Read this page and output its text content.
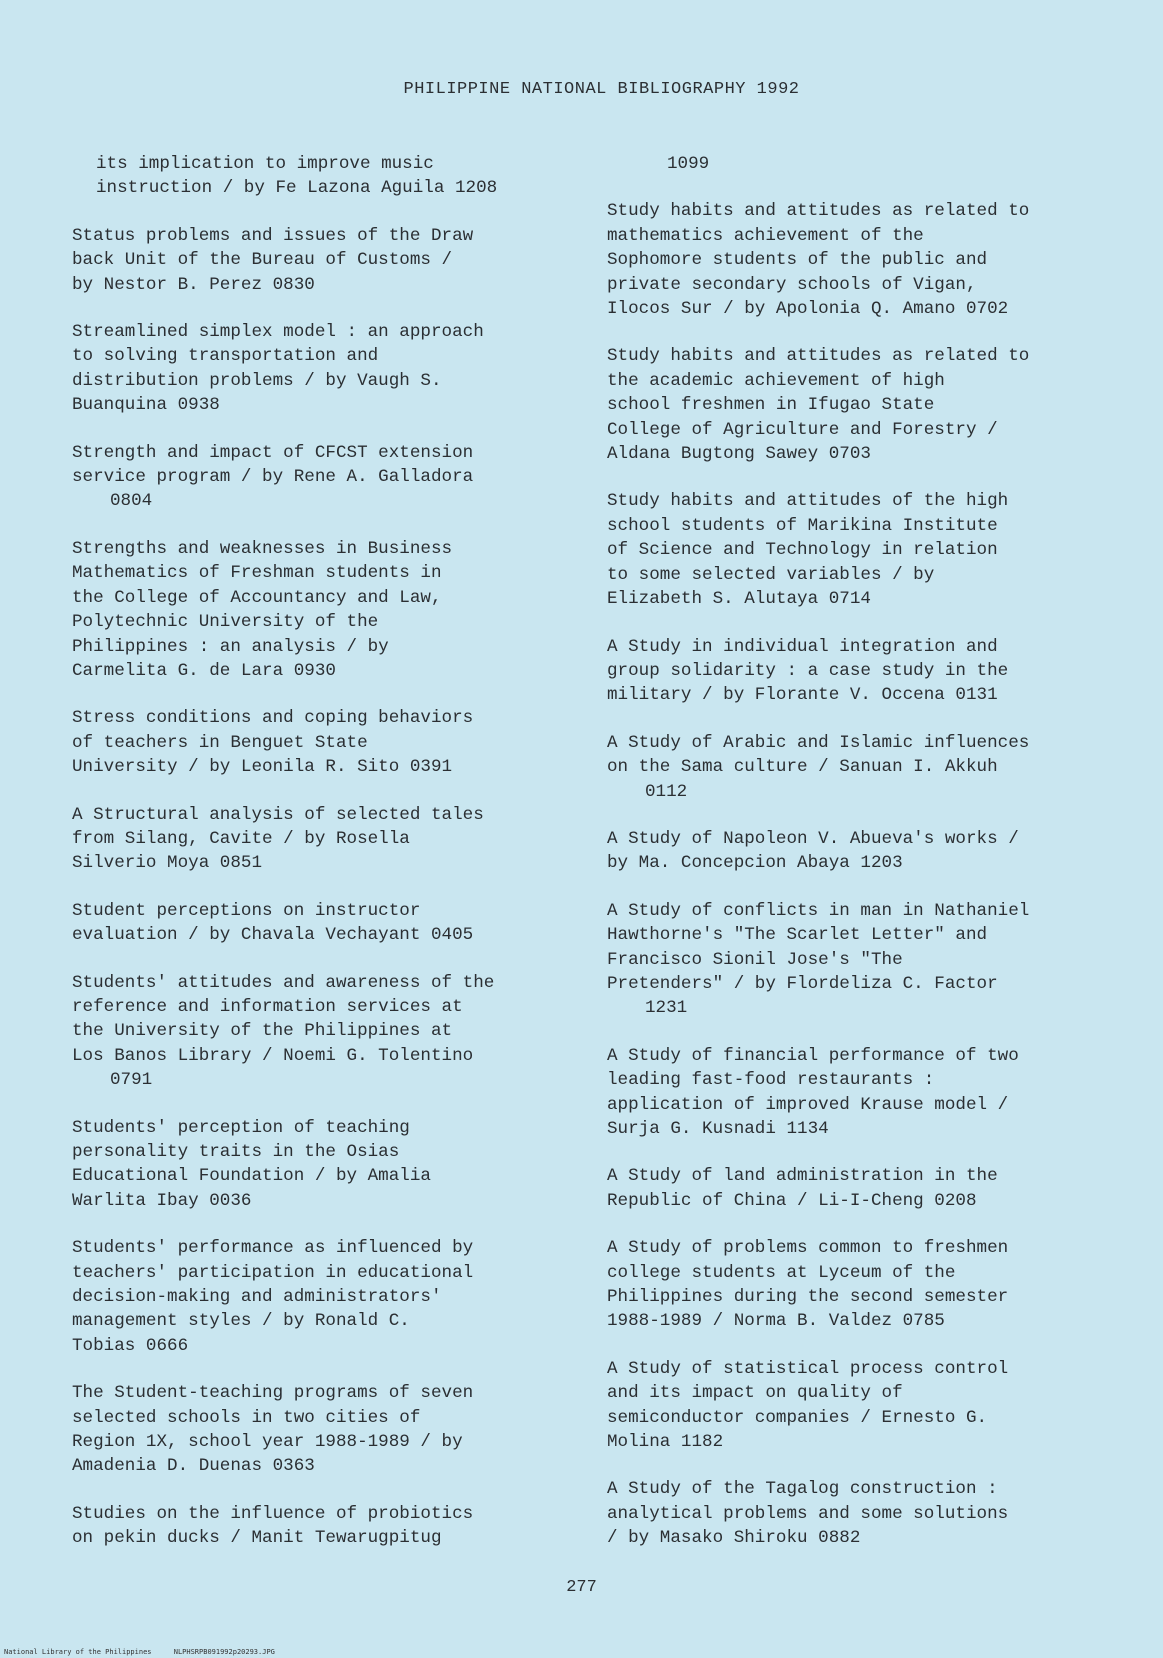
PHILIPPINE NATIONAL BIBLIOGRAPHY 1992
its implication to improve music
instruction / by Fe Lazona Aguila 1208
Status problems and issues of the Draw
back Unit of the Bureau of Customs /
by Nestor B. Perez 0830
Streamlined simplex model : an approach
to solving transportation and
distribution problems / by Vaugh S.
Buanquina 0938
Strength and impact of CFCST extension
service program / by Rene A. Galladora
0804
Strengths and weaknesses in Business
Mathematics of Freshman students in
the College of Accountancy and Law,
Polytechnic University of the
Philippines : an analysis / by
Carmelita G. de Lara 0930
Stress conditions and coping behaviors
of teachers in Benguet State
University / by Leonila R. Sito 0391
A Structural analysis of selected tales
from Silang, Cavite / by Rosella
Silverio Moya 0851
Student perceptions on instructor
evaluation / by Chavala Vechayant 0405
Students' attitudes and awareness of the
reference and information services at
the University of the Philippines at
Los Banos Library / Noemi G. Tolentino
0791
Students' perception of teaching
personality traits in the Osias
Educational Foundation / by Amalia
Warlita Ibay 0036
Students' performance as influenced by
teachers' participation in educational
decision-making and administrators'
management styles / by Ronald C.
Tobias 0666
The Student-teaching programs of seven
selected schools in two cities of
Region 1X, school year 1988-1989 / by
Amadenia D. Duenas 0363
Studies on the influence of probiotics
on pekin ducks / Manit Tewarugpitug
1099
Study habits and attitudes as related to
mathematics achievement of the
Sophomore students of the public and
private secondary schools of Vigan,
Ilocos Sur / by Apolonia Q. Amano 0702
Study habits and attitudes as related to
the academic achievement of high
school freshmen in Ifugao State
College of Agriculture and Forestry /
Aldana Bugtong Sawey 0703
Study habits and attitudes of the high
school students of Marikina Institute
of Science and Technology in relation
to some selected variables / by
Elizabeth S. Alutaya 0714
A Study in individual integration and
group solidarity : a case study in the
military / by Florante V. Occena 0131
A Study of Arabic and Islamic influences
on the Sama culture / Sanuan I. Akkuh
0112
A Study of Napoleon V. Abueva's works /
by Ma. Concepcion Abaya 1203
A Study of conflicts in man in Nathaniel
Hawthorne's "The Scarlet Letter" and
Francisco Sionil Jose's "The
Pretenders" / by Flordeliza C. Factor
1231
A Study of financial performance of two
leading fast-food restaurants :
application of improved Krause model /
Surja G. Kusnadi 1134
A Study of land administration in the
Republic of China / Li-I-Cheng 0208
A Study of problems common to freshmen
college students at Lyceum of the
Philippines during the second semester
1988-1989 / Norma B. Valdez 0785
A Study of statistical process control
and its impact on quality of
semiconductor companies / Ernesto G.
Molina 1182
A Study of the Tagalog construction :
analytical problems and some solutions
/ by Masako Shiroku 0882
277
National Library of the Philippines	NLPHSRPB091992p20293.JPG
